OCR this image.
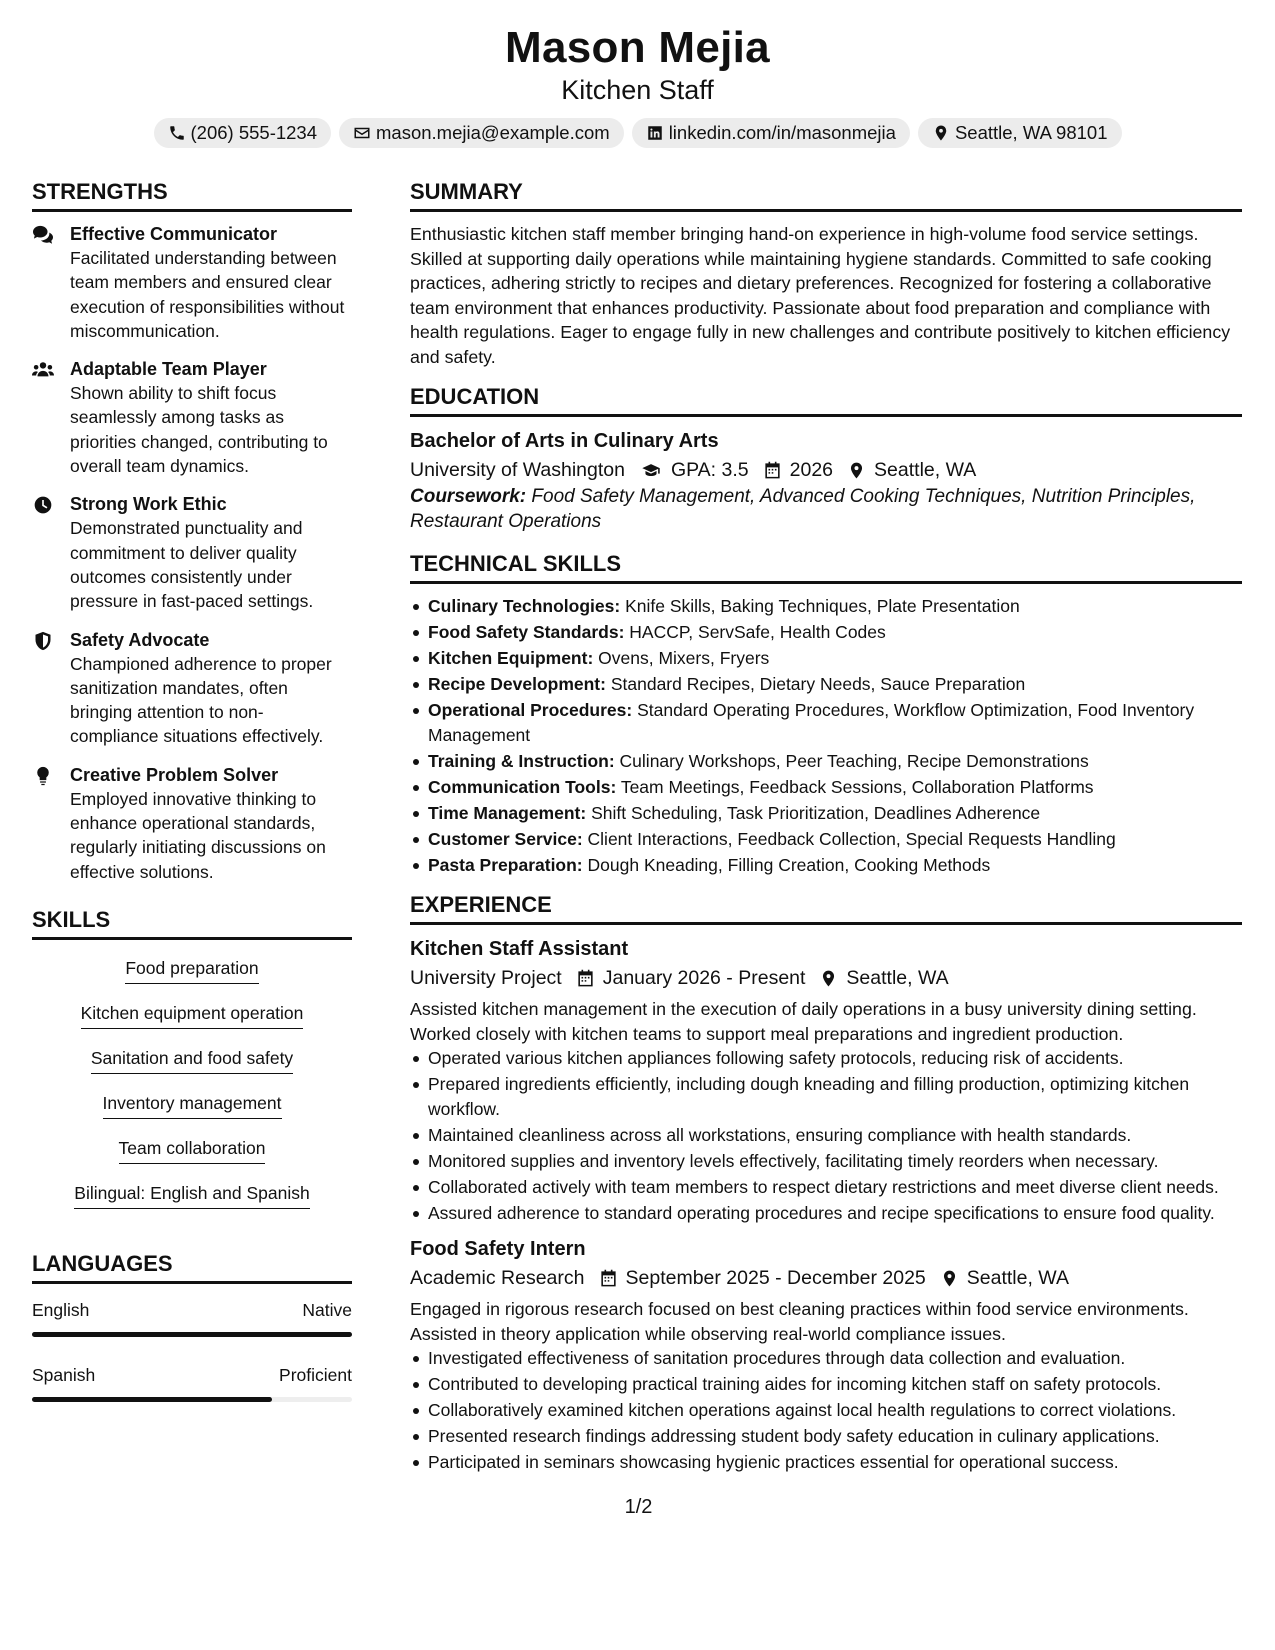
Mason Mejia
Kitchen Staff
(206) 555-1234	mason.mejia@example.com	linkedin.com/in/masonmejia	Seattle, WA 98101
STRENGTHS
Effective Communicator
Facilitated understanding between team members and ensured clear execution of responsibilities without miscommunication.
Adaptable Team Player
Shown ability to shift focus seamlessly among tasks as priorities changed, contributing to overall team dynamics.
Strong Work Ethic
Demonstrated punctuality and commitment to deliver quality outcomes consistently under pressure in fast-paced settings.
Safety Advocate
Championed adherence to proper sanitization mandates, often bringing attention to non-compliance situations effectively.
Creative Problem Solver
Employed innovative thinking to enhance operational standards, regularly initiating discussions on effective solutions.
SKILLS
Food preparation
Kitchen equipment operation
Sanitation and food safety
Inventory management
Team collaboration
Bilingual: English and Spanish
LANGUAGES
English	Native
Spanish	Proficient
SUMMARY
Enthusiastic kitchen staff member bringing hand-on experience in high-volume food service settings. Skilled at supporting daily operations while maintaining hygiene standards. Committed to safe cooking practices, adhering strictly to recipes and dietary preferences. Recognized for fostering a collaborative team environment that enhances productivity. Passionate about food preparation and compliance with health regulations. Eager to engage fully in new challenges and contribute positively to kitchen efficiency and safety.
EDUCATION
Bachelor of Arts in Culinary Arts
University of Washington GPA: 3.5 2026 Seattle, WA
Coursework: Food Safety Management, Advanced Cooking Techniques, Nutrition Principles, Restaurant Operations
TECHNICAL SKILLS
Culinary Technologies: Knife Skills, Baking Techniques, Plate Presentation
Food Safety Standards: HACCP, ServSafe, Health Codes
Kitchen Equipment: Ovens, Mixers, Fryers
Recipe Development: Standard Recipes, Dietary Needs, Sauce Preparation
Operational Procedures: Standard Operating Procedures, Workflow Optimization, Food Inventory Management
Training & Instruction: Culinary Workshops, Peer Teaching, Recipe Demonstrations
Communication Tools: Team Meetings, Feedback Sessions, Collaboration Platforms
Time Management: Shift Scheduling, Task Prioritization, Deadlines Adherence
Customer Service: Client Interactions, Feedback Collection, Special Requests Handling
Pasta Preparation: Dough Kneading, Filling Creation, Cooking Methods
EXPERIENCE
Kitchen Staff Assistant
University Project January 2026 - Present Seattle, WA
Assisted kitchen management in the execution of daily operations in a busy university dining setting. Worked closely with kitchen teams to support meal preparations and ingredient production.
Operated various kitchen appliances following safety protocols, reducing risk of accidents.
Prepared ingredients efficiently, including dough kneading and filling production, optimizing kitchen workflow.
Maintained cleanliness across all workstations, ensuring compliance with health standards.
Monitored supplies and inventory levels effectively, facilitating timely reorders when necessary.
Collaborated actively with team members to respect dietary restrictions and meet diverse client needs.
Assured adherence to standard operating procedures and recipe specifications to ensure food quality.
Food Safety Intern
Academic Research September 2025 - December 2025 Seattle, WA
Engaged in rigorous research focused on best cleaning practices within food service environments. Assisted in theory application while observing real-world compliance issues.
Investigated effectiveness of sanitation procedures through data collection and evaluation.
Contributed to developing practical training aides for incoming kitchen staff on safety protocols.
Collaboratively examined kitchen operations against local health regulations to correct violations.
Presented research findings addressing student body safety education in culinary applications.
Participated in seminars showcasing hygienic practices essential for operational success.
1/2
